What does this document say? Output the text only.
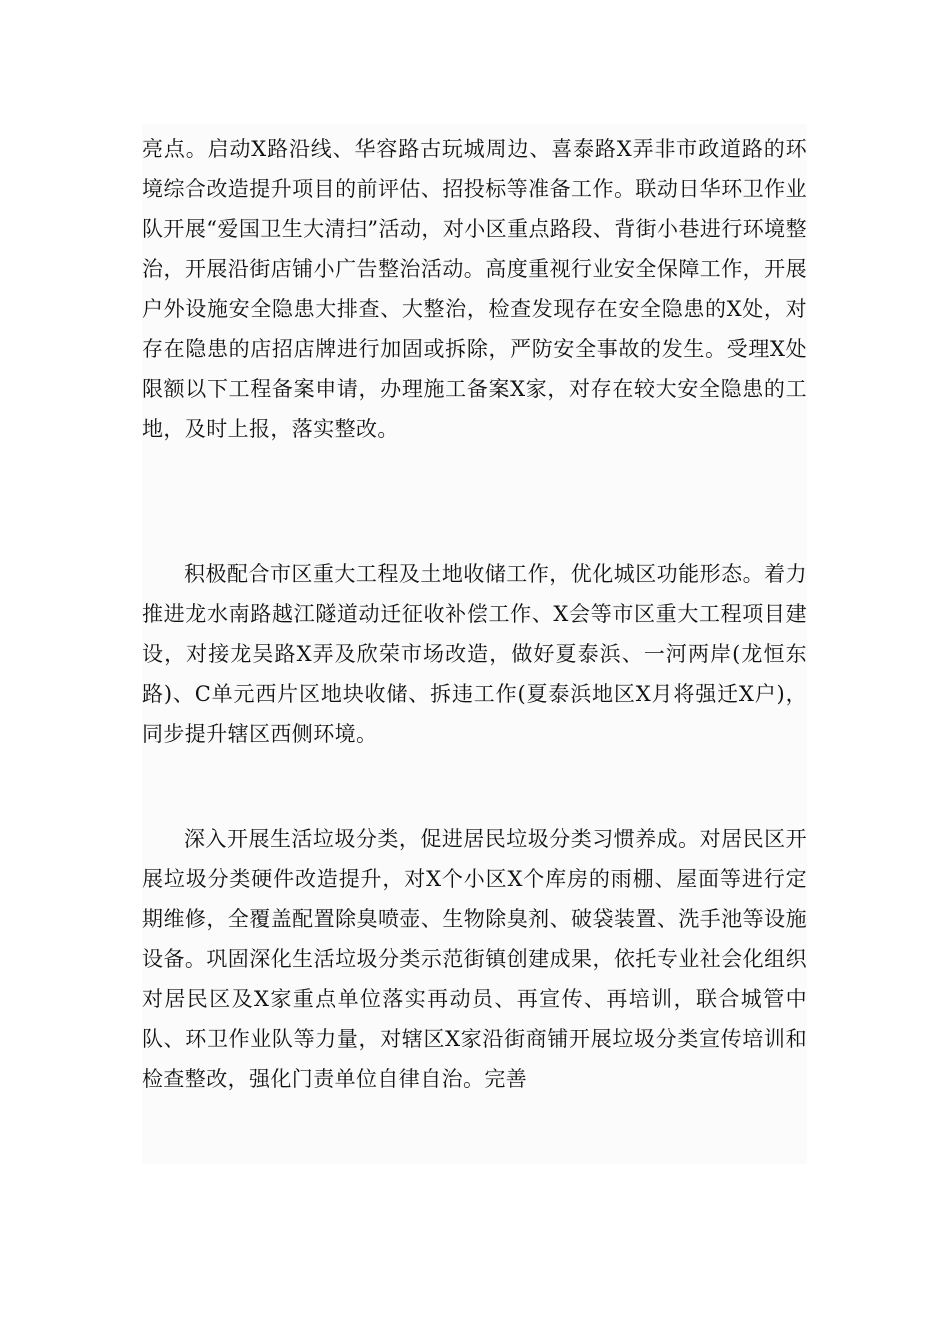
亮点。启动X路沿线、华容路古玩城周边、喜泰路X弄非市政道路的环境综合改造提升项目的前评估、招投标等准备工作。联动日华环卫作业队开展“爱国卫生大清扫”活动，对小区重点路段、背街小巷进行环境整治，开展沿街店铺小广告整治活动。高度重视行业安全保障工作，开展户外设施安全隐患大排查、大整治，检查发现存在安全隐患的X处，对存在隐患的店招店牌进行加固或拆除，严防安全事故的发生。受理X处限额以下工程备案申请，办理施工备案X家，对存在较大安全隐患的工地，及时上报，落实整改。

积极配合市区重大工程及土地收储工作，优化城区功能形态。着力推进龙水南路越江隧道动迁征收补偿工作、X会等市区重大工程项目建设，对接龙吴路X弄及欣荣市场改造，做好夏泰浜、一河两岸(龙恒东路)、C单元西片区地块收储、拆违工作(夏泰浜地区X月将强迁X户)，同步提升辖区西侧环境。

深入开展生活垃圾分类，促进居民垃圾分类习惯养成。对居民区开展垃圾分类硬件改造提升，对X个小区X个库房的雨棚、屋面等进行定期维修，全覆盖配置除臭喷壶、生物除臭剂、破袋装置、洗手池等设施设备。巩固深化生活垃圾分类示范街镇创建成果，依托专业社会化组织对居民区及X家重点单位落实再动员、再宣传、再培训，联合城管中队、环卫作业队等力量，对辖区X家沿街商铺开展垃圾分类宣传培训和检查整改，强化门责单位自律自治。完善
